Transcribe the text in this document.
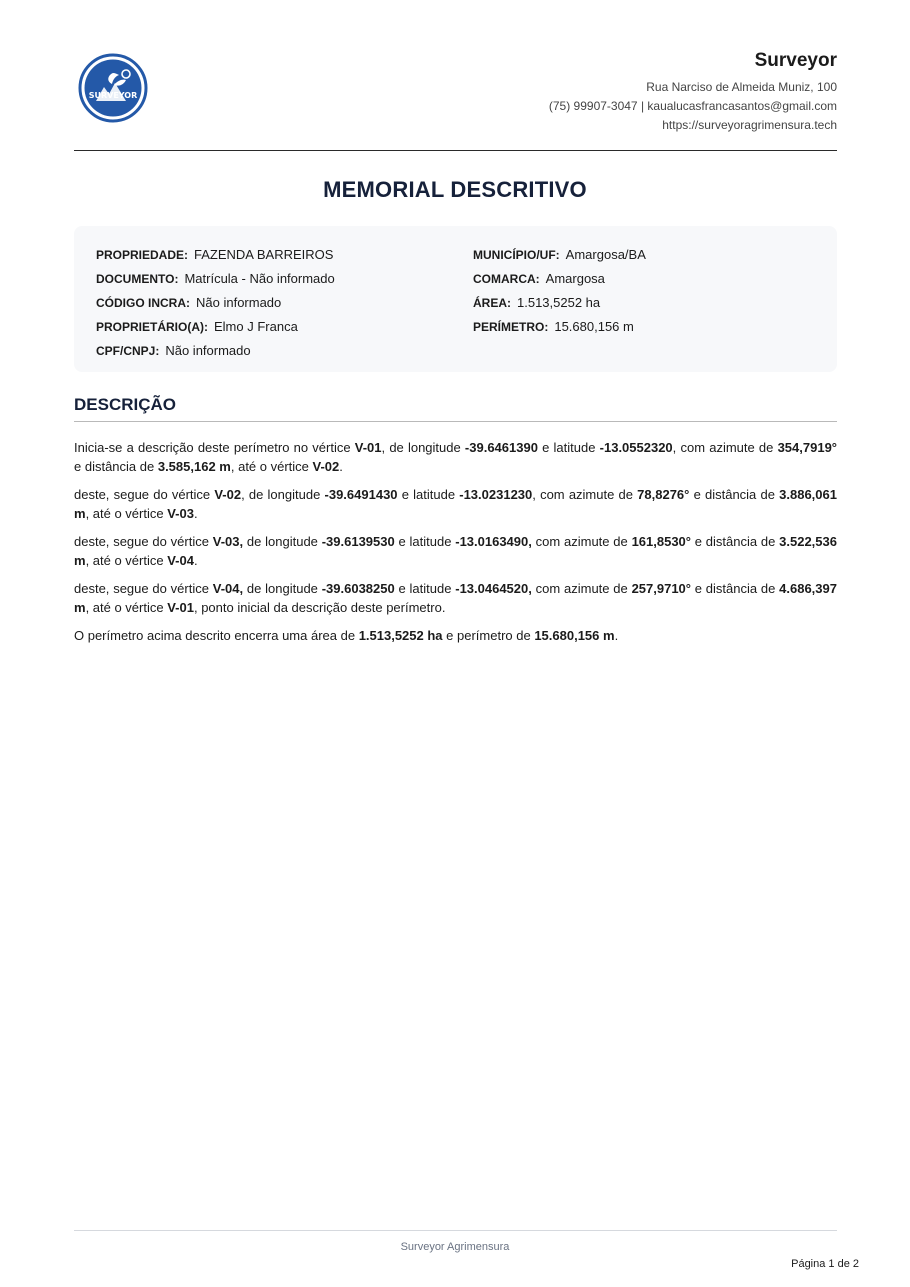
SURVEYOR
Surveyor
Rua Narciso de Almeida Muniz, 100
(75) 99907-3047 | kaualucasfrancasantos@gmail.com
https://surveyoragrimensura.tech
MEMORIAL DESCRITIVO
PROPRIEDADE: FAZENDA BARREIROS
DOCUMENTO: Matrícula - Não informado
CÓDIGO INCRA: Não informado
PROPRIETÁRIO(A): Elmo J Franca
CPF/CNPJ: Não informado
MUNICÍPIO/UF: Amargosa/BA
COMARCA: Amargosa
ÁREA: 1.513,5252 ha
PERÍMETRO: 15.680,156 m
DESCRIÇÃO

Inicia-se a descrição deste perímetro no vértice V-01, de longitude -39.6461390 e latitude -13.0552320, com azimute de 354,7919° e distância de 3.585,162 m, até o vértice V-02.

deste, segue do vértice V-02, de longitude -39.6491430 e latitude -13.0231230, com azimute de 78,8276° e distância de 3.886,061 m, até o vértice V-03.

deste, segue do vértice V-03, de longitude -39.6139530 e latitude -13.0163490, com azimute de 161,8530° e distância de 3.522,536 m, até o vértice V-04.

deste, segue do vértice V-04, de longitude -39.6038250 e latitude -13.0464520, com azimute de 257,9710° e distância de 4.686,397 m, até o vértice V-01, ponto inicial da descrição deste perímetro.

O perímetro acima descrito encerra uma área de 1.513,5252 ha e perímetro de 15.680,156 m.

Surveyor Agrimensura
Página 1 de 2
